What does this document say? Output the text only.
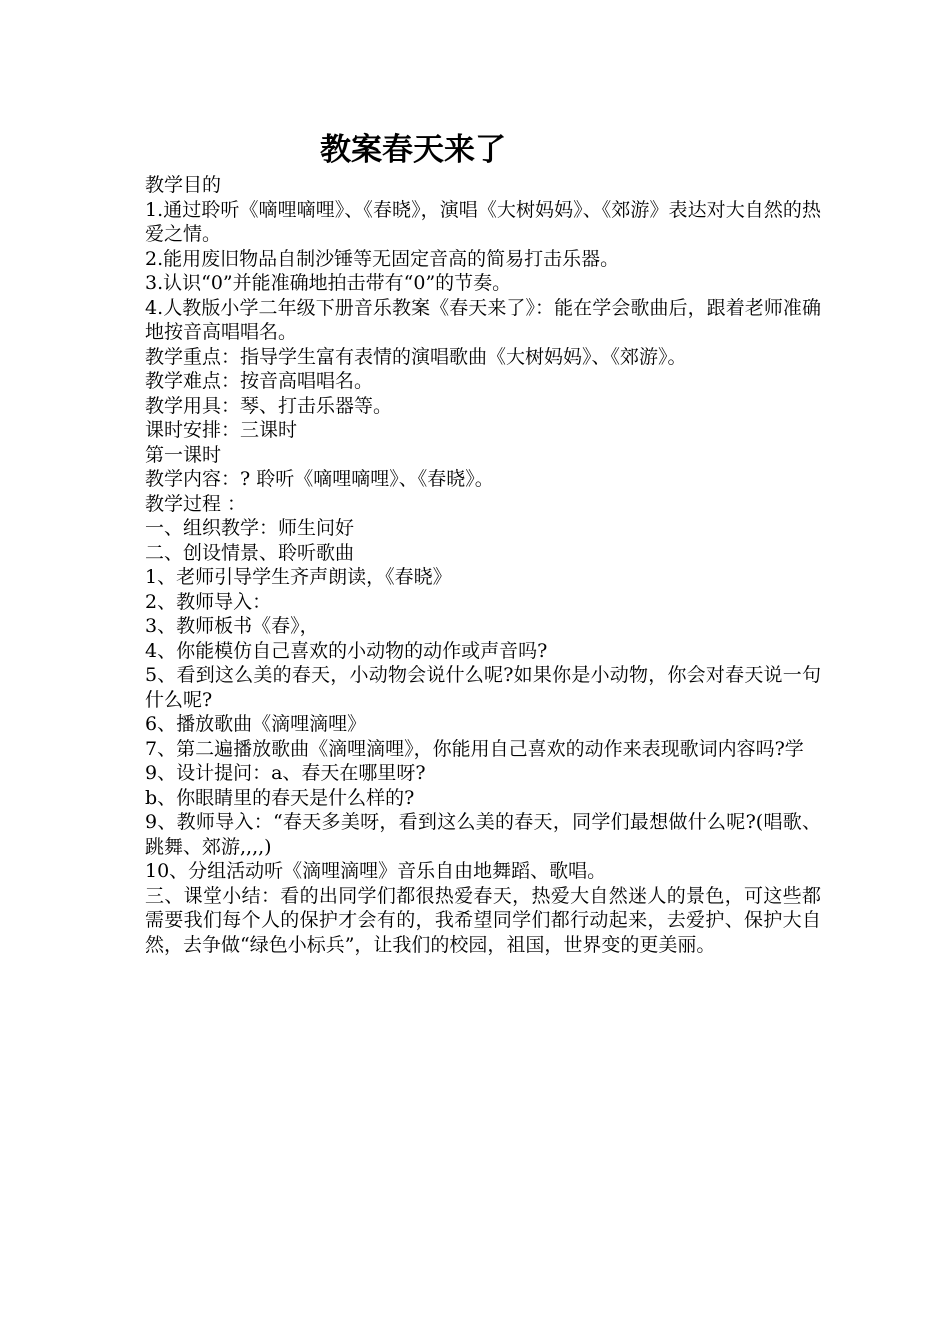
教案春天来了

教学目的

1.通过聆听《嘀哩嘀哩》、《春晓》，演唱《大树妈妈》、《郊游》表达对大自然的热爱之情。

2.能用废旧物品自制沙锤等无固定音高的简易打击乐器。

3.认识“0”并能准确地拍击带有“0”的节奏。

4.人教版小学二年级下册音乐教案《春天来了》：能在学会歌曲后，跟着老师准确地按音高唱唱名。

教学重点：指导学生富有表情的演唱歌曲《大树妈妈》、《郊游》。

教学难点：按音高唱唱名。

教学用具：琴、打击乐器等。

课时安排：三课时

第一课时

教学内容：? 聆听《嘀哩嘀哩》、《春晓》。

教学过程 ：

一、组织教学：师生问好

二、创设情景、聆听歌曲

1、老师引导学生齐声朗读，《春晓》

2、教师导入：

3、教师板书《春》，

4、你能模仿自己喜欢的小动物的动作或声音吗?

5、看到这么美的春天，小动物会说什么呢?如果你是小动物，你会对春天说一句什么呢?

6、播放歌曲《滴哩滴哩》

7、第二遍播放歌曲《滴哩滴哩》，你能用自己喜欢的动作来表现歌词内容吗?学

9、设计提问：a、春天在哪里呀?

b、你眼睛里的春天是什么样的?

9、教师导入：“春天多美呀，看到这么美的春天，同学们最想做什么呢?(唱歌、跳舞、郊游,,,,)

10、分组活动听《滴哩滴哩》音乐自由地舞蹈、歌唱。

三、课堂小结：看的出同学们都很热爱春天，热爱大自然迷人的景色，可这些都需要我们每个人的保护才会有的，我希望同学们都行动起来，去爱护、保护大自然，去争做“绿色小标兵”，让我们的校园，祖国，世界变的更美丽。
